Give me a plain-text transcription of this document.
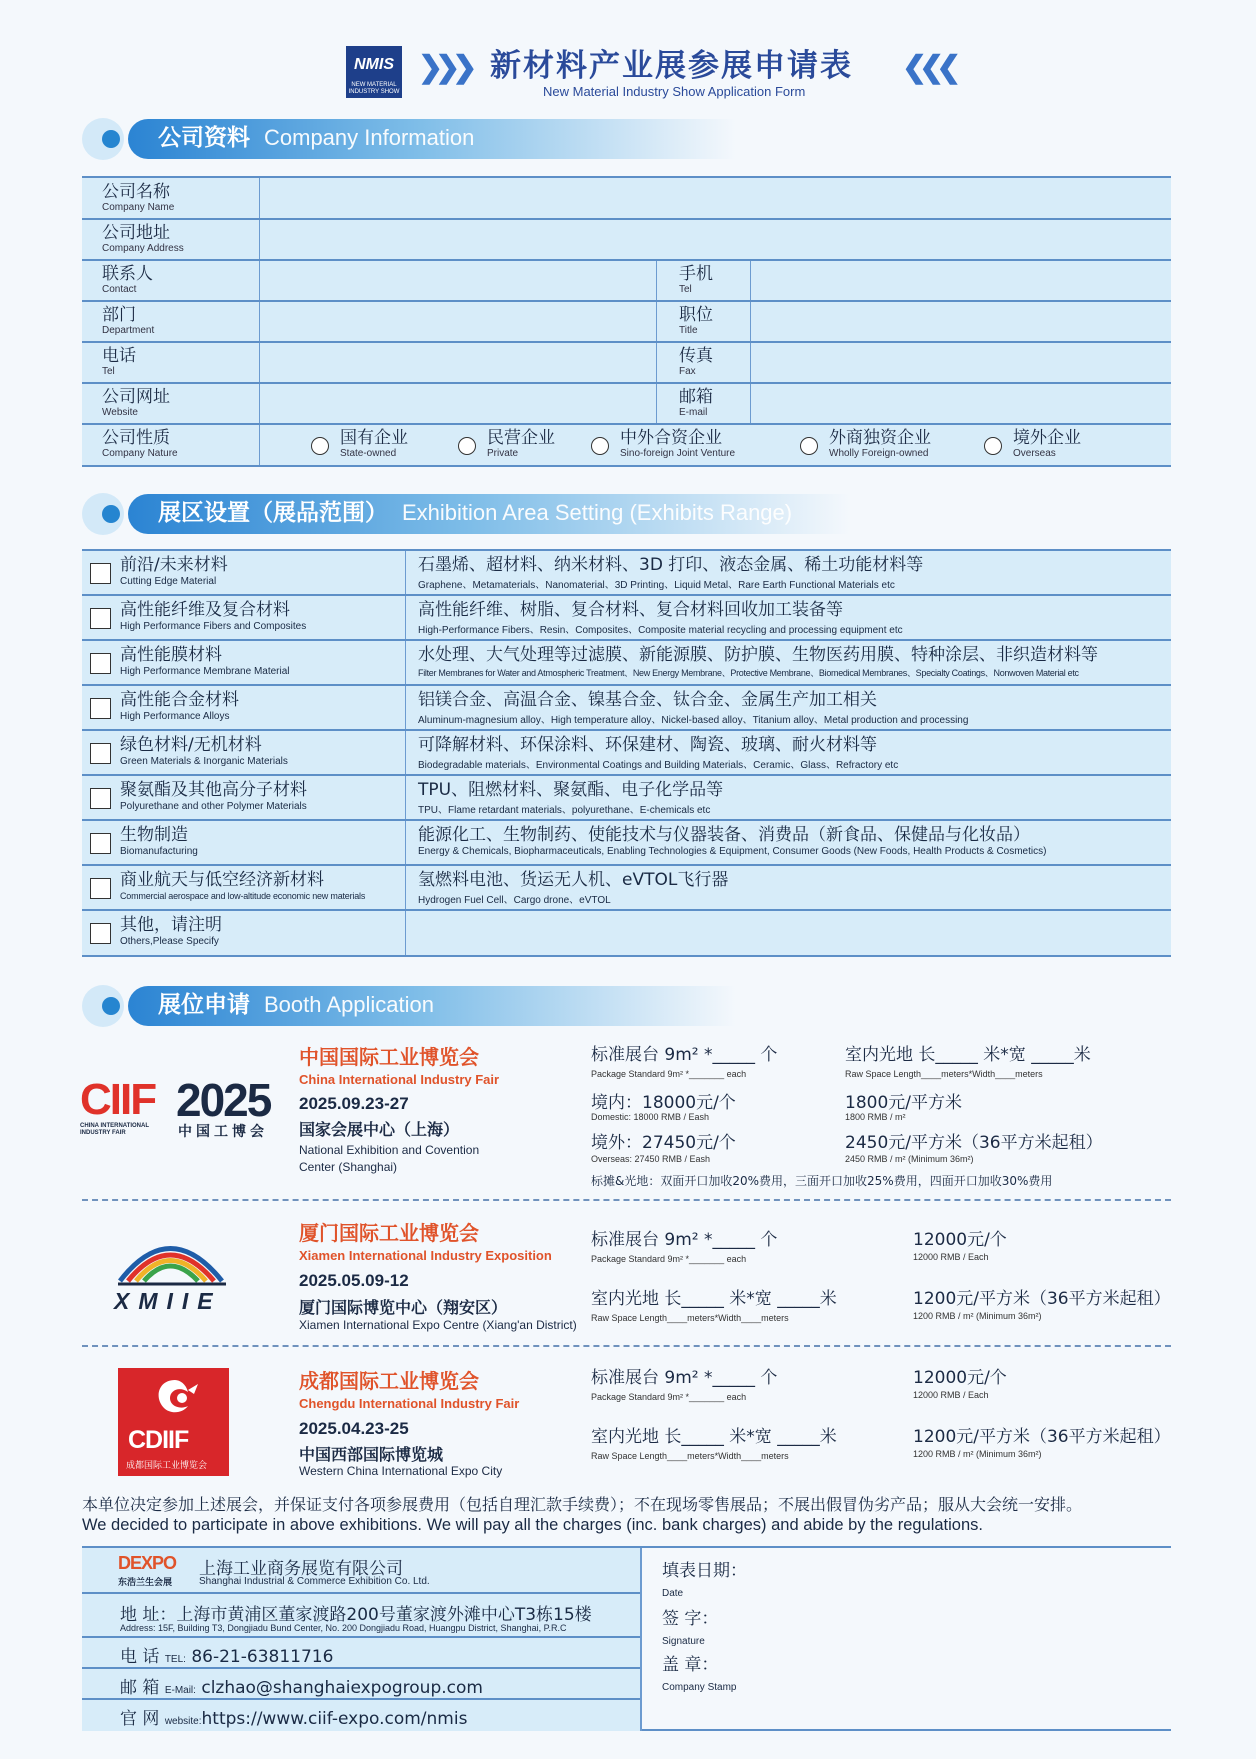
NMIS
NEW MATERIAL INDUSTRY SHOW
❯❯❯ 新材料产业展参展申请表 ❮❮❮
New Material Industry Show Application Form
公司资料 Company Information
公司名称
Company Name
公司地址
Company Address
联系人
Contact
手机
Tel
部门
Department
职位
Title
电话
Tel
传真
Fax
公司网址
Website
邮箱
E-mail
公司性质
Company Nature
国有企业
State-owned
民营企业
Private
中外合资企业
Sino-foreign Joint Venture
外商独资企业
Wholly Foreign-owned
境外企业
Overseas
展区设置（展品范围） Exhibition Area Setting (Exhibits Range)
前沿/未来材料
Cutting Edge Material
石墨烯、超材料、纳米材料、3D 打印、液态金属、稀土功能材料等
Graphene、Metamaterials、Nanomaterial、3D Printing、Liquid Metal、Rare Earth Functional Materials etc
高性能纤维及复合材料
High Performance Fibers and Composites
高性能纤维、树脂、复合材料、复合材料回收加工装备等
High-Performance Fibers、Resin、Composites、Composite material recycling and processing equipment etc
高性能膜材料
High Performance Membrane Material
水处理、大气处理等过滤膜、新能源膜、防护膜、生物医药用膜、特种涂层、非织造材料等
Filter Membranes for Water and Atmospheric Treatment、New Energy Membrane、Protective Membrane、Biomedical Membranes、Specialty Coatings、Nonwoven Material etc
高性能合金材料
High Performance Alloys
铝镁合金、高温合金、镍基合金、钛合金、金属生产加工相关
Aluminum-magnesium alloy、High temperature alloy、Nickel-based alloy、Titanium alloy、Metal production and processing
绿色材料/无机材料
Green Materials & Inorganic Materials
可降解材料、环保涂料、环保建材、陶瓷、玻璃、耐火材料等
Biodegradable materials、Environmental Coatings and Building Materials、Ceramic、Glass、Refractory etc
聚氨酯及其他高分子材料
Polyurethane and other Polymer Materials
TPU、阻燃材料、聚氨酯、电子化学品等
TPU、Flame retardant materials、polyurethane、E-chemicals etc
生物制造
Biomanufacturing
能源化工、生物制药、使能技术与仪器装备、消费品（新食品、保健品与化妆品）
Energy & Chemicals, Biopharmaceuticals, Enabling Technologies & Equipment, Consumer Goods (New Foods, Health Products & Cosmetics)
商业航天与低空经济新材料
Commercial aerospace and low-altitude economic new materials
氢燃料电池、货运无人机、eVTOL飞行器
Hydrogen Fuel Cell、Cargo drone、eVTOL
其他，请注明
Others,Please Specify
展位申请 Booth Application
CIIF 2025
CHINA INTERNATIONAL INDUSTRY FAIR	中国工博会
中国国际工业博览会
China International Industry Fair
2025.09.23-27
国家会展中心（上海）
National Exhibition and Covention
Center (Shanghai)
标准展台 9m² *_____ 个
Package Standard 9m² *_______ each
境内：18000元/个
Domestic: 18000 RMB / Eash
境外：27450元/个
Overseas: 27450 RMB / Eash
室内光地 长_____ 米*宽 _____米
Raw Space Length____meters*Width____meters
1800元/平方米
1800 RMB / m²
2450元/平方米（36平方米起租）
2450 RMB / m² (Minimum 36m²)
标摊&光地：双面开口加收20%费用，三面开口加收25%费用，四面开口加收30%费用
XMIIE
厦门国际工业博览会
Xiamen International Industry Exposition
2025.05.09-12
厦门国际博览中心（翔安区）
Xiamen International Expo Centre (Xiang'an District)
标准展台 9m² *_____ 个
Package Standard 9m² *_______ each
12000元/个
12000 RMB / Each
室内光地 长_____ 米*宽 _____米
Raw Space Length____meters*Width____meters
1200元/平方米（36平方米起租）
1200 RMB / m² (Minimum 36m²)
CDIIF
成都国际工业博览会
成都国际工业博览会
Chengdu International Industry Fair
2025.04.23-25
中国西部国际博览城
Western China International Expo City
标准展台 9m² *_____ 个
Package Standard 9m² *_______ each
12000元/个
12000 RMB / Each
室内光地 长_____ 米*宽 _____米
Raw Space Length____meters*Width____meters
1200元/平方米（36平方米起租）
1200 RMB / m² (Minimum 36m²)
本单位决定参加上述展会，并保证支付各项参展费用（包括自理汇款手续费）；不在现场零售展品；不展出假冒伪劣产品；服从大会统一安排。
We decided to participate in above exhibitions. We will pay all the charges (inc. bank charges) and abide by the regulations.
DEXPO
东浩兰生会展
上海工业商务展览有限公司
Shanghai Industrial & Commerce Exhibition Co. Ltd.
地 址：上海市黄浦区董家渡路200号董家渡外滩中心T3栋15楼
Address: 15F, Building T3, Dongjiadu Bund Center, No. 200 Dongjiadu Road, Huangpu District, Shanghai, P.R.C
电 话 TEL: 86-21-63811716
邮 箱 E-Mail: clzhao@shanghaiexpogroup.com
官 网 website:https://www.ciif-expo.com/nmis
填表日期：
Date
签 字：
Signature
盖 章：
Company Stamp
